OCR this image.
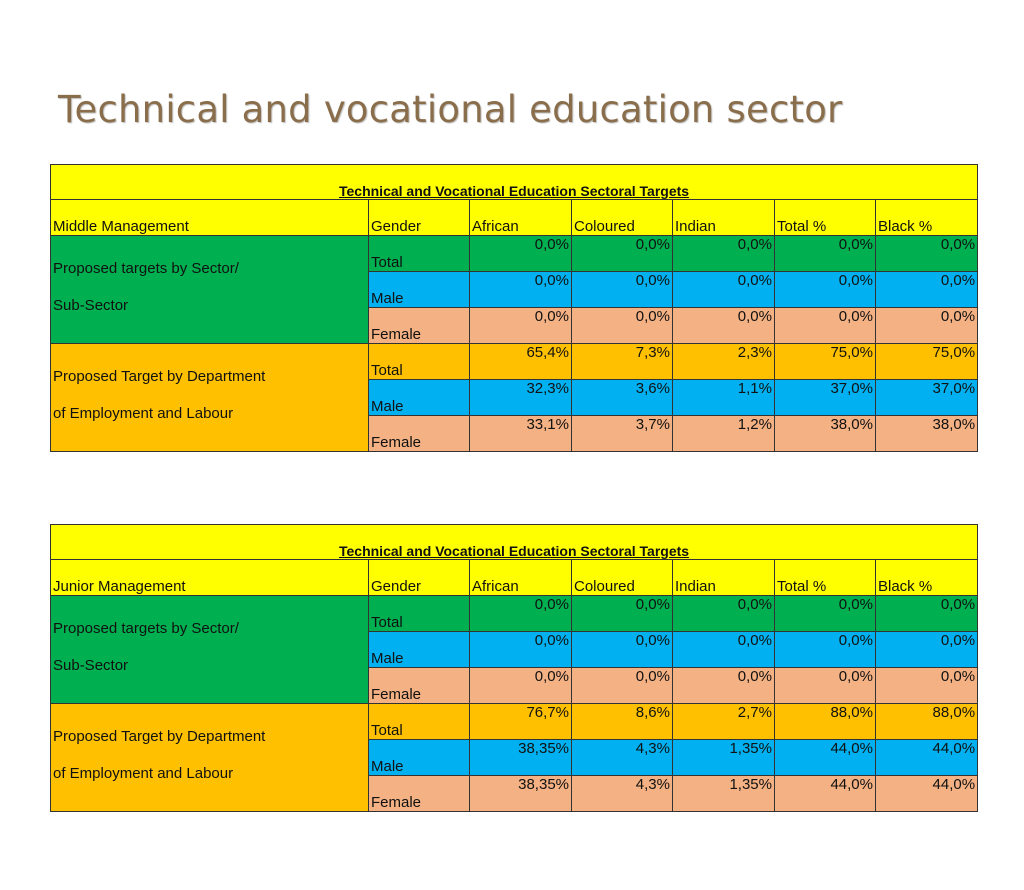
Technical and vocational education sector
Technical and Vocational Education Sectoral Targets						
Middle Management	Gender	African	Coloured	Indian	Total %	Black %

Proposed targets by Sector/
Sub-Sector	Total	0,0%	0,0%	0,0%	0,0%	0,0%
	Male	0,0%	0,0%	0,0%	0,0%	0,0%
	Female	0,0%	0,0%	0,0%	0,0%	0,0%

Proposed Target by Department
of Employment and Labour	Total	65,4%	7,3%	2,3%	75,0%	75,0%
	Male	32,3%	3,6%	1,1%	37,0%	37,0%
	Female	33,1%	3,7%	1,2%	38,0%	38,0%
Technical and Vocational Education Sectoral Targets						
Junior Management	Gender	African	Coloured	Indian	Total %	Black %

Proposed targets by Sector/
Sub-Sector	Total	0,0%	0,0%	0,0%	0,0%	0,0%
	Male	0,0%	0,0%	0,0%	0,0%	0,0%
	Female	0,0%	0,0%	0,0%	0,0%	0,0%

Proposed Target by Department
of Employment and Labour	Total	76,7%	8,6%	2,7%	88,0%	88,0%
	Male	38,35%	4,3%	1,35%	44,0%	44,0%
	Female	38,35%	4,3%	1,35%	44,0%	44,0%
